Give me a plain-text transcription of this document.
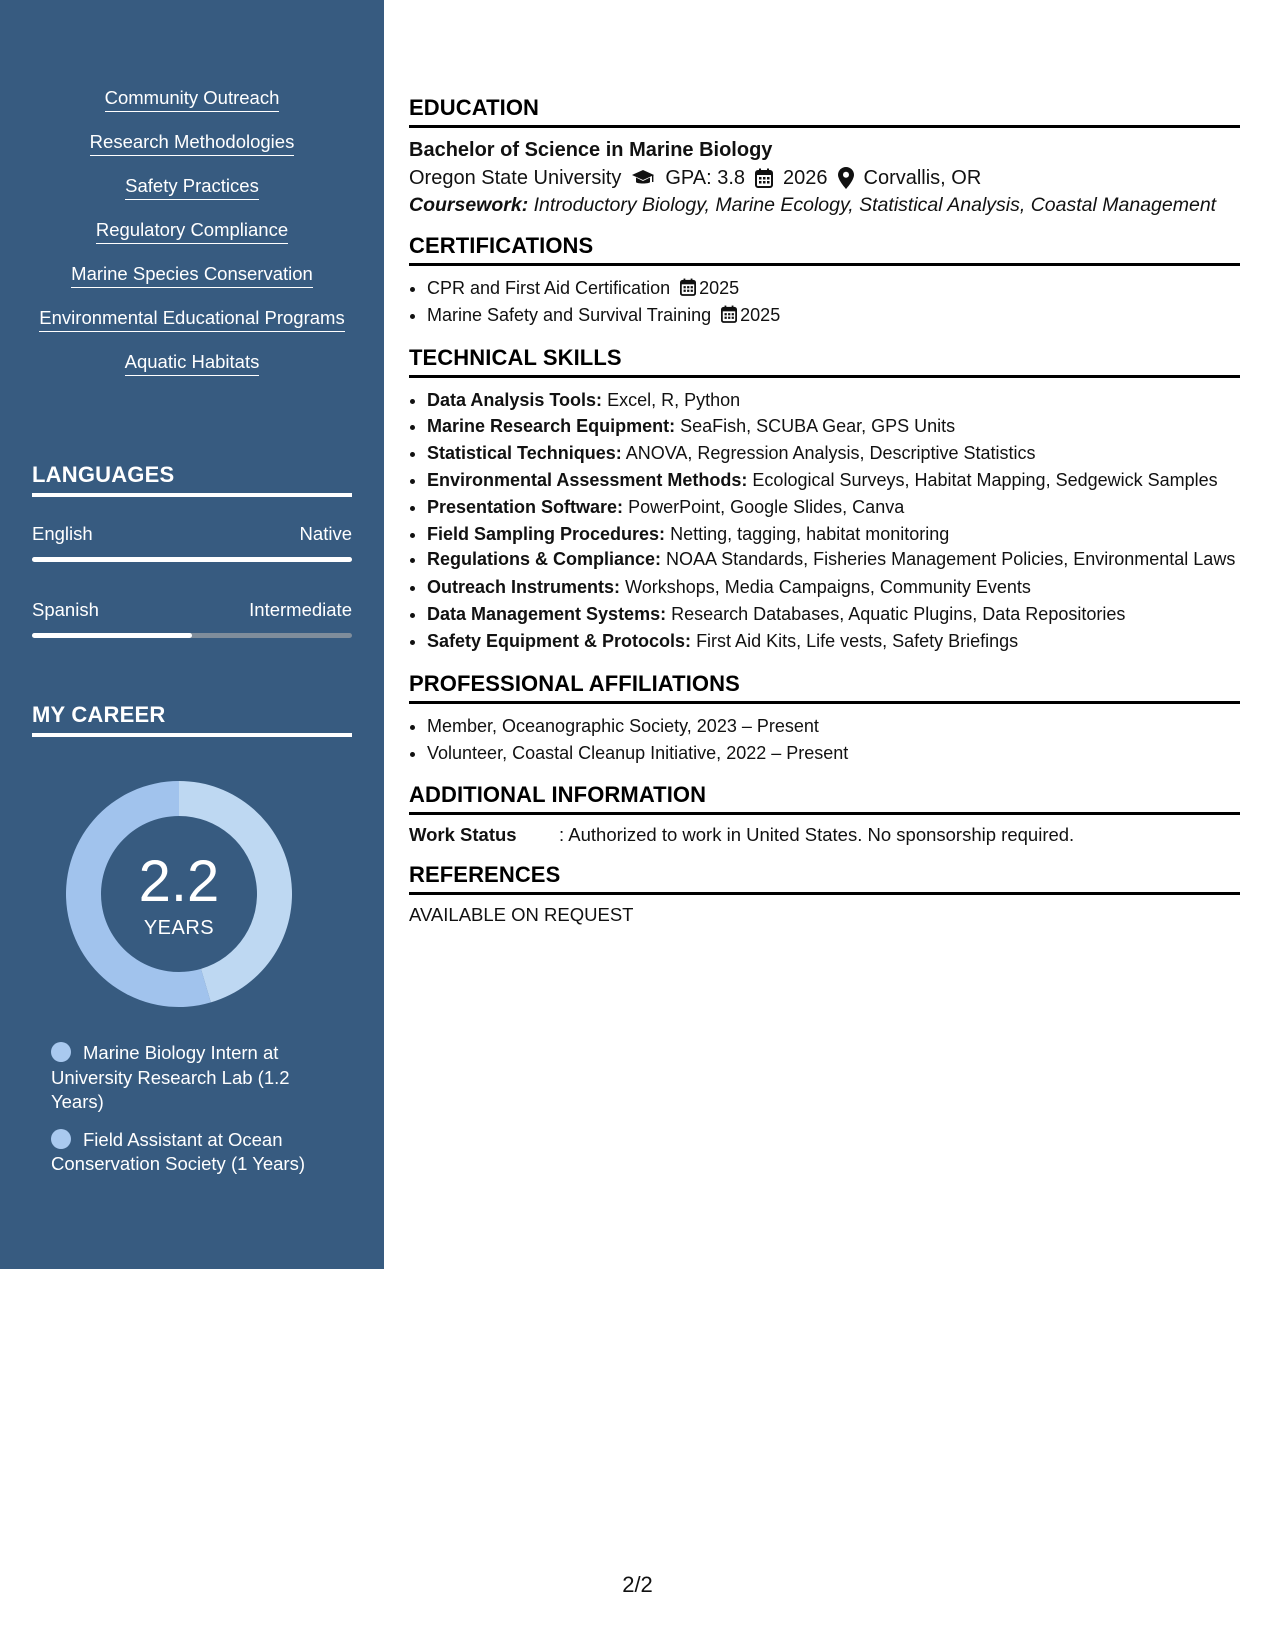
Community Outreach
Research Methodologies
Safety Practices
Regulatory Compliance
Marine Species Conservation
Environmental Educational Programs
Aquatic Habitats
LANGUAGES
English	Native
Spanish	Intermediate
MY CAREER
2.2
YEARS
Marine Biology Intern at University Research Lab (1.2 Years)
Field Assistant at Ocean Conservation Society (1 Years)
EDUCATION
Bachelor of Science in Marine Biology
Oregon State University GPA: 3.8 2026 Corvallis, OR
Coursework: Introductory Biology, Marine Ecology, Statistical Analysis, Coastal Management
CERTIFICATIONS
• CPR and First Aid Certification 2025
• Marine Safety and Survival Training 2025
TECHNICAL SKILLS
• Data Analysis Tools: Excel, R, Python
• Marine Research Equipment: SeaFish, SCUBA Gear, GPS Units
• Statistical Techniques: ANOVA, Regression Analysis, Descriptive Statistics
• Environmental Assessment Methods: Ecological Surveys, Habitat Mapping, Sedgewick Samples
• Presentation Software: PowerPoint, Google Slides, Canva
• Field Sampling Procedures: Netting, tagging, habitat monitoring
• Regulations & Compliance: NOAA Standards, Fisheries Management Policies, Environmental Laws
• Outreach Instruments: Workshops, Media Campaigns, Community Events
• Data Management Systems: Research Databases, Aquatic Plugins, Data Repositories
• Safety Equipment & Protocols: First Aid Kits, Life vests, Safety Briefings
PROFESSIONAL AFFILIATIONS
• Member, Oceanographic Society, 2023 – Present
• Volunteer, Coastal Cleanup Initiative, 2022 – Present
ADDITIONAL INFORMATION
Work Status	: Authorized to work in United States. No sponsorship required.
REFERENCES
AVAILABLE ON REQUEST
2/2
